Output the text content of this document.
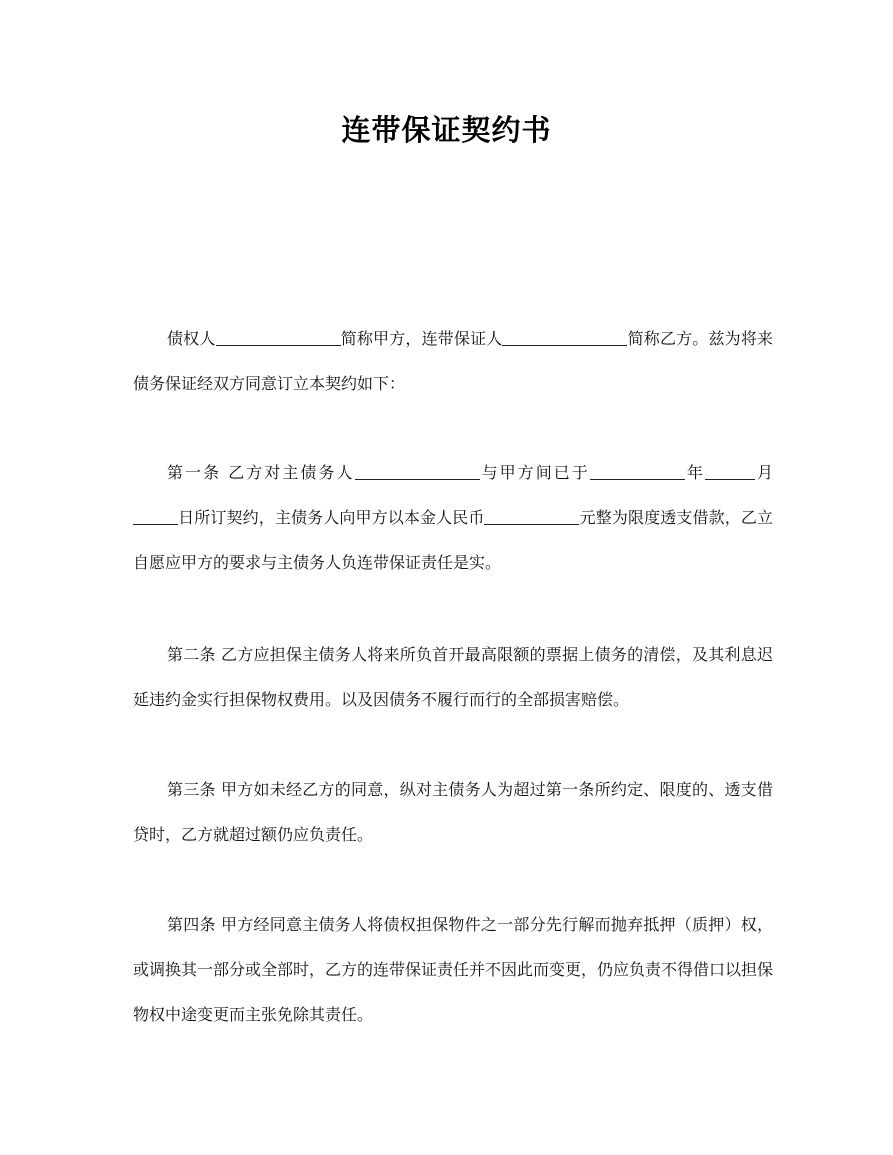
连带保证契约书
债权人	简称甲方，连带保证人	简称乙方。兹为将来债务保证经双方同意订立本契约如下：
第一条 乙方对主债务人	与甲方间已于	年	月日所订契约，主债务人向甲方以本金人民币	元整为限度透支借款，乙立自愿应甲方的要求与主债务人负连带保证责任是实。
第二条 乙方应担保主债务人将来所负首开最高限额的票据上债务的清偿，及其利息迟延违约金实行担保物权费用。以及因债务不履行而行的全部损害赔偿。
第三条 甲方如未经乙方的同意，纵对主债务人为超过第一条所约定、限度的、透支借贷时，乙方就超过额仍应负责任。
第四条 甲方经同意主债务人将债权担保物件之一部分先行解而抛弃抵押（质押）权，或调换其一部分或全部时，乙方的连带保证责任并不因此而变更，仍应负责不得借口以担保物权中途变更而主张免除其责任。
